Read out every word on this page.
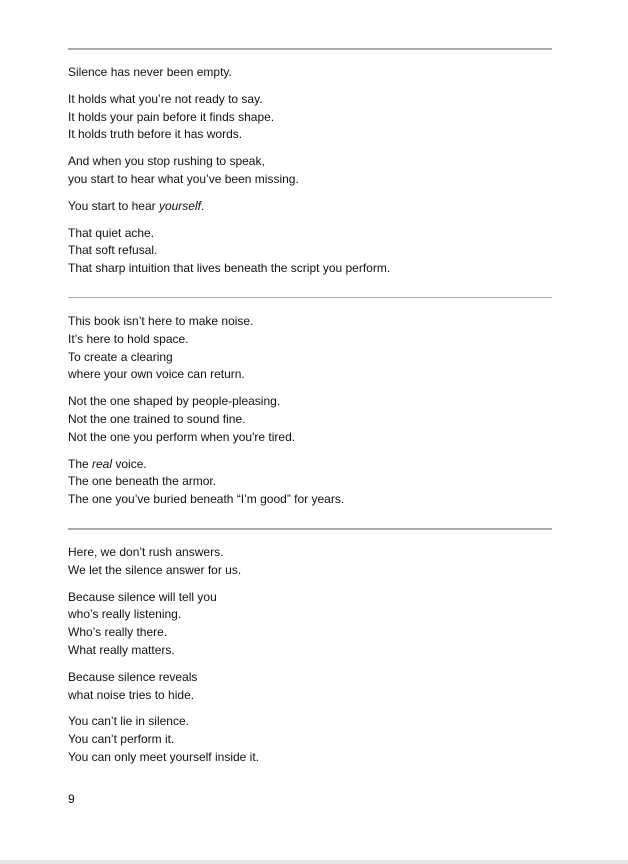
Silence has never been empty.

It holds what you’re not ready to say.
It holds your pain before it finds shape.
It holds truth before it has words.

And when you stop rushing to speak,
you start to hear what you’ve been missing.

You start to hear yourself.

That quiet ache.
That soft refusal.
That sharp intuition that lives beneath the script you perform.

This book isn’t here to make noise.
It’s here to hold space.
To create a clearing
where your own voice can return.

Not the one shaped by people-pleasing.
Not the one trained to sound fine.
Not the one you perform when you're tired.

The real voice.
The one beneath the armor.
The one you’ve buried beneath “I’m good” for years.

Here, we don’t rush answers.
We let the silence answer for us.

Because silence will tell you
who’s really listening.
Who’s really there.
What really matters.

Because silence reveals
what noise tries to hide.

You can’t lie in silence.
You can’t perform it.
You can only meet yourself inside it.

9
